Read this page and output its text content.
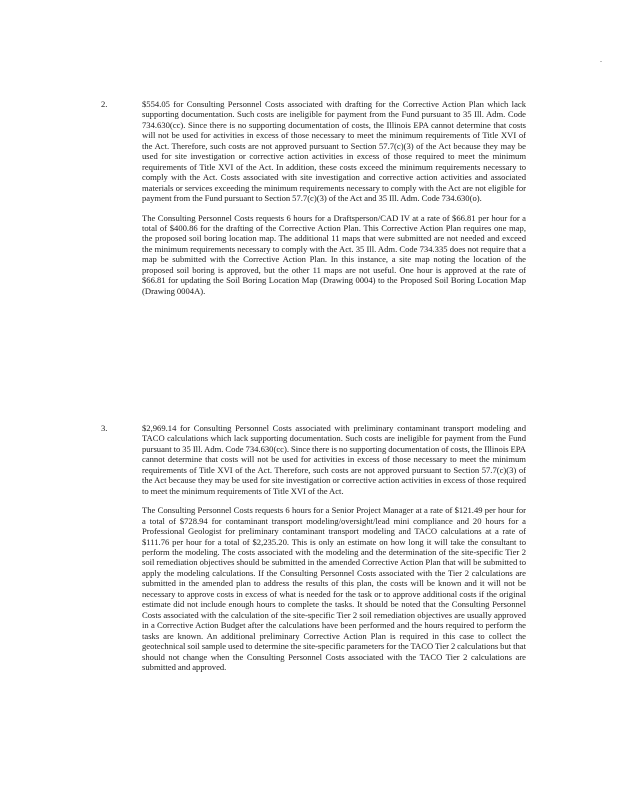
.
2.	$554.05 for Consulting Personnel Costs associated with drafting for the Corrective Action Plan which lack supporting documentation. Such costs are ineligible for payment from the Fund pursuant to 35 Ill. Adm. Code 734.630(cc). Since there is no supporting documentation of costs, the Illinois EPA cannot determine that costs will not be used for activities in excess of those necessary to meet the minimum requirements of Title XVI of the Act. Therefore, such costs are not approved pursuant to Section 57.7(c)(3) of the Act because they may be used for site investigation or corrective action activities in excess of those required to meet the minimum requirements of Title XVI of the Act. In addition, these costs exceed the minimum requirements necessary to comply with the Act. Costs associated with site investigation and corrective action activities and associated materials or services exceeding the minimum requirements necessary to comply with the Act are not eligible for payment from the Fund pursuant to Section 57.7(c)(3) of the Act and 35 Ill. Adm. Code 734.630(o).

The Consulting Personnel Costs requests 6 hours for a Draftsperson/CAD IV at a rate of $66.81 per hour for a total of $400.86 for the drafting of the Corrective Action Plan. This Corrective Action Plan requires one map, the proposed soil boring location map. The additional 11 maps that were submitted are not needed and exceed the minimum requirements necessary to comply with the Act. 35 Ill. Adm. Code 734.335 does not require that a map be submitted with the Corrective Action Plan. In this instance, a site map noting the location of the proposed soil boring is approved, but the other 11 maps are not useful. One hour is approved at the rate of $66.81 for updating the Soil Boring Location Map (Drawing 0004) to the Proposed Soil Boring Location Map (Drawing 0004A).

3.	$2,969.14 for Consulting Personnel Costs associated with preliminary contaminant transport modeling and TACO calculations which lack supporting documentation. Such costs are ineligible for payment from the Fund pursuant to 35 Ill. Adm. Code 734.630(cc). Since there is no supporting documentation of costs, the Illinois EPA cannot determine that costs will not be used for activities in excess of those necessary to meet the minimum requirements of Title XVI of the Act. Therefore, such costs are not approved pursuant to Section 57.7(c)(3) of the Act because they may be used for site investigation or corrective action activities in excess of those required to meet the minimum requirements of Title XVI of the Act.

The Consulting Personnel Costs requests 6 hours for a Senior Project Manager at a rate of $121.49 per hour for a total of $728.94 for contaminant transport modeling/oversight/lead mini compliance and 20 hours for a Professional Geologist for preliminary contaminant transport modeling and TACO calculations at a rate of $111.76 per hour for a total of $2,235.20. This is only an estimate on how long it will take the consultant to perform the modeling. The costs associated with the modeling and the determination of the site-specific Tier 2 soil remediation objectives should be submitted in the amended Corrective Action Plan that will be submitted to apply the modeling calculations. If the Consulting Personnel Costs associated with the Tier 2 calculations are submitted in the amended plan to address the results of this plan, the costs will be known and it will not be necessary to approve costs in excess of what is needed for the task or to approve additional costs if the original estimate did not include enough hours to complete the tasks. It should be noted that the Consulting Personnel Costs associated with the calculation of the site-specific Tier 2 soil remediation objectives are usually approved in a Corrective Action Budget after the calculations have been performed and the hours required to perform the tasks are known. An additional preliminary Corrective Action Plan is required in this case to collect the geotechnical soil sample used to determine the site-specific parameters for the TACO Tier 2 calculations but that should not change when the Consulting Personnel Costs associated with the TACO Tier 2 calculations are submitted and approved.
